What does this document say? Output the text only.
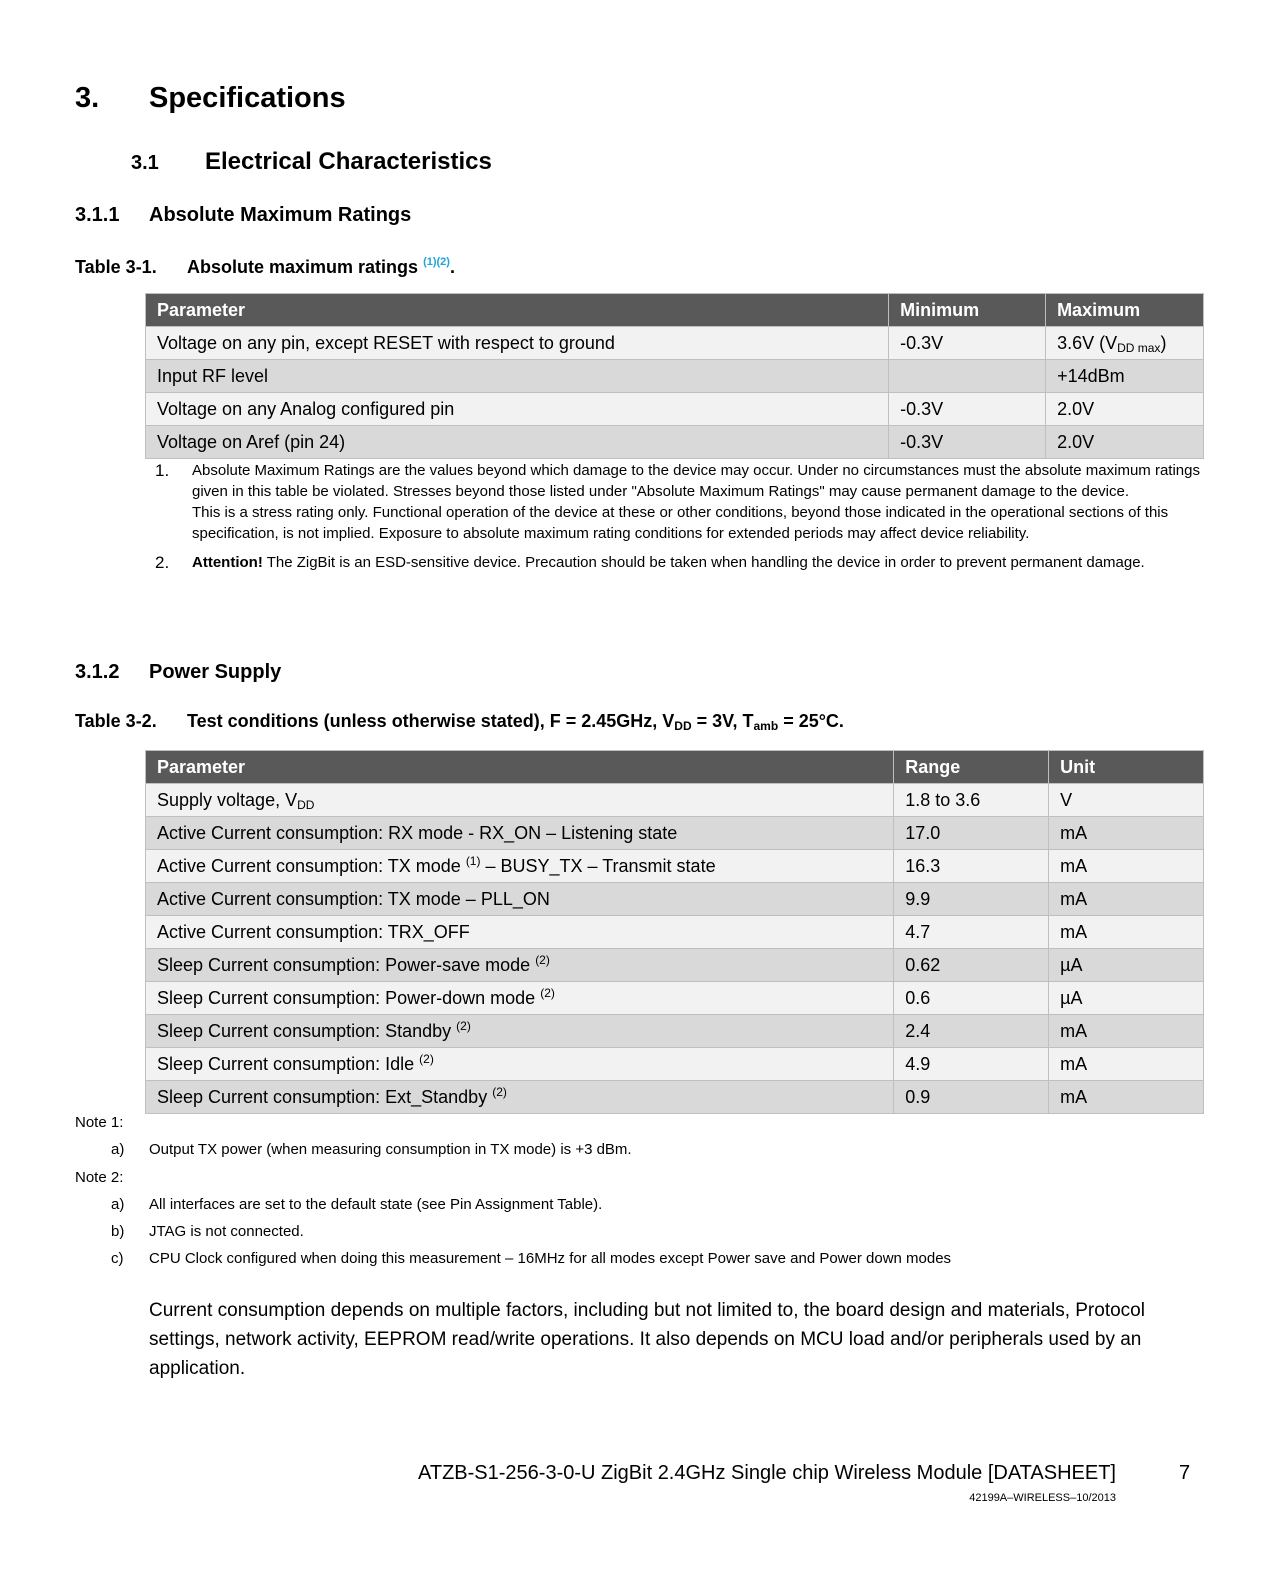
3. Specifications
3.1 Electrical Characteristics
3.1.1 Absolute Maximum Ratings
Table 3-1. Absolute maximum ratings $^{(1)(2)}$.
Parameter	Minimum	Maximum
Voltage on any pin, except RESET with respect to ground	-0.3V	3.6V $(V_{DD max})$
Input RF level		+14dBm
Voltage on any Analog configured pin	-0.3V	2.0V
Voltage on Aref (pin 24)	-0.3V	2.0V
1. Absolute Maximum Ratings are the values beyond which damage to the device may occur. Under no circumstances must the absolute maximum ratings given in this table be violated. Stresses beyond those listed under "Absolute Maximum Ratings" may cause permanent damage to the device.
This is a stress rating only. Functional operation of the device at these or other conditions, beyond those indicated in the operational sections of this specification, is not implied. Exposure to absolute maximum rating conditions for extended periods may affect device reliability.
2. Attention! The ZigBit is an ESD-sensitive device. Precaution should be taken when handling the device in order to prevent permanent damage.
3.1.2 Power Supply
Table 3-2. Test conditions (unless otherwise stated), F = 2.45GHz, $V_{DD} = 3V$, $T_{amb} = 25^\circ C$.
Parameter	Range	Unit
Supply voltage, $V_{DD}$	1.8 to 3.6	V
Active Current consumption: RX mode - RX_ON – Listening state	17.0	mA
Active Current consumption: TX mode $^{(1)}$ – BUSY_TX – Transmit state	16.3	mA
Active Current consumption: TX mode – PLL_ON	9.9	mA
Active Current consumption: TRX_OFF	4.7	mA
Sleep Current consumption: Power-save mode $^{(2)}$	0.62	µA
Sleep Current consumption: Power-down mode $^{(2)}$	0.6	µA
Sleep Current consumption: Standby $^{(2)}$	2.4	mA
Sleep Current consumption: Idle $^{(2)}$	4.9	mA
Sleep Current consumption: Ext_Standby $^{(2)}$	0.9	mA
Note 1:
a) Output TX power (when measuring consumption in TX mode) is +3 dBm.
Note 2:
a) All interfaces are set to the default state (see Pin Assignment Table).
b) JTAG is not connected.
c) CPU Clock configured when doing this measurement – 16MHz for all modes except Power save and Power down modes
Current consumption depends on multiple factors, including but not limited to, the board design and materials, Protocol settings, network activity, EEPROM read/write operations. It also depends on MCU load and/or peripherals used by an application.
ATZB-S1-256-3-0-U ZigBit 2.4GHz Single chip Wireless Module [DATASHEET]
42199A–WIRELESS–10/2013
7
